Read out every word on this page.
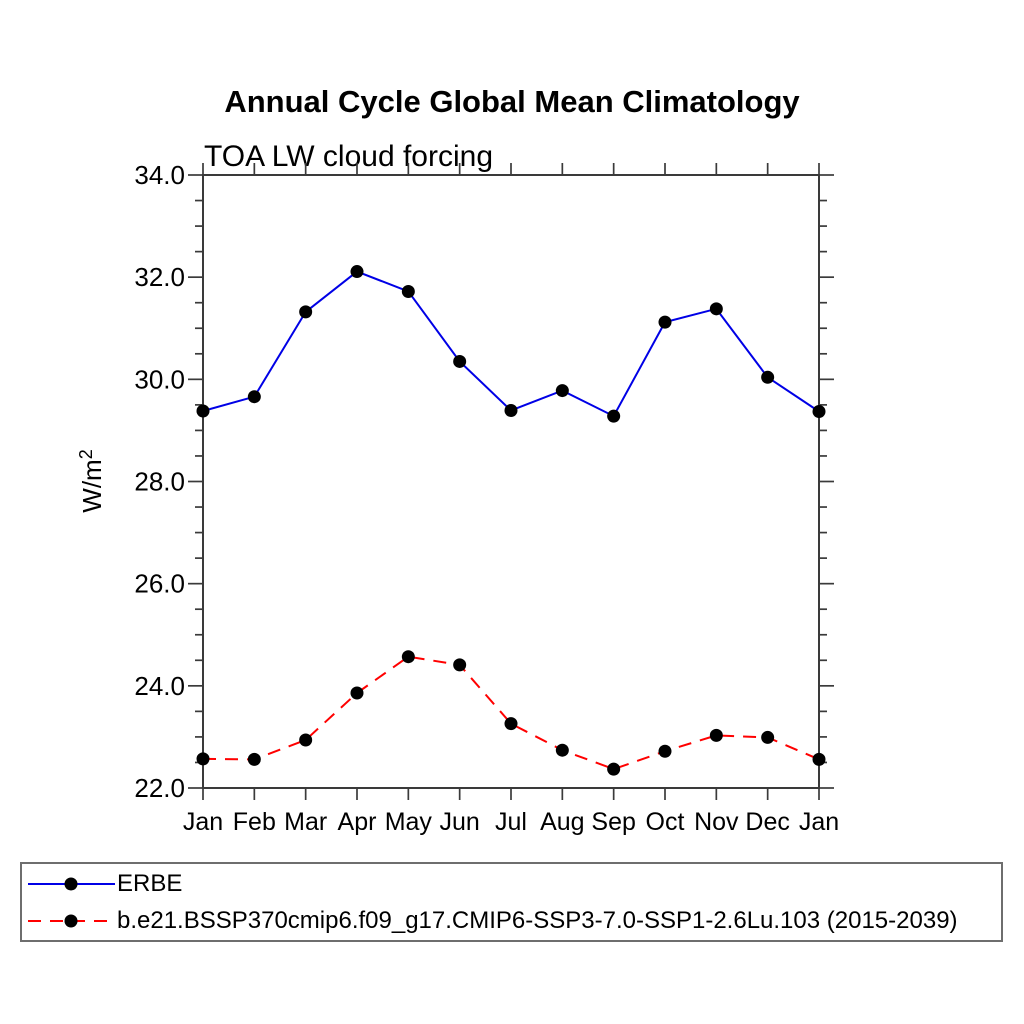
Annual Cycle Global Mean Climatology
TOA LW cloud forcing
Jan Feb Mar Apr May Jun Jul Aug Sep Oct Nov Dec Jan
22.0
24.0
26.0
28.0
30.0
32.0
34.0
$W/m^2$
ERBE
b.e21.BSSP370cmip6.f09_g17.CMIP6-SSP3-7.0-SSP1-2.6Lu.103 (2015-2039)
